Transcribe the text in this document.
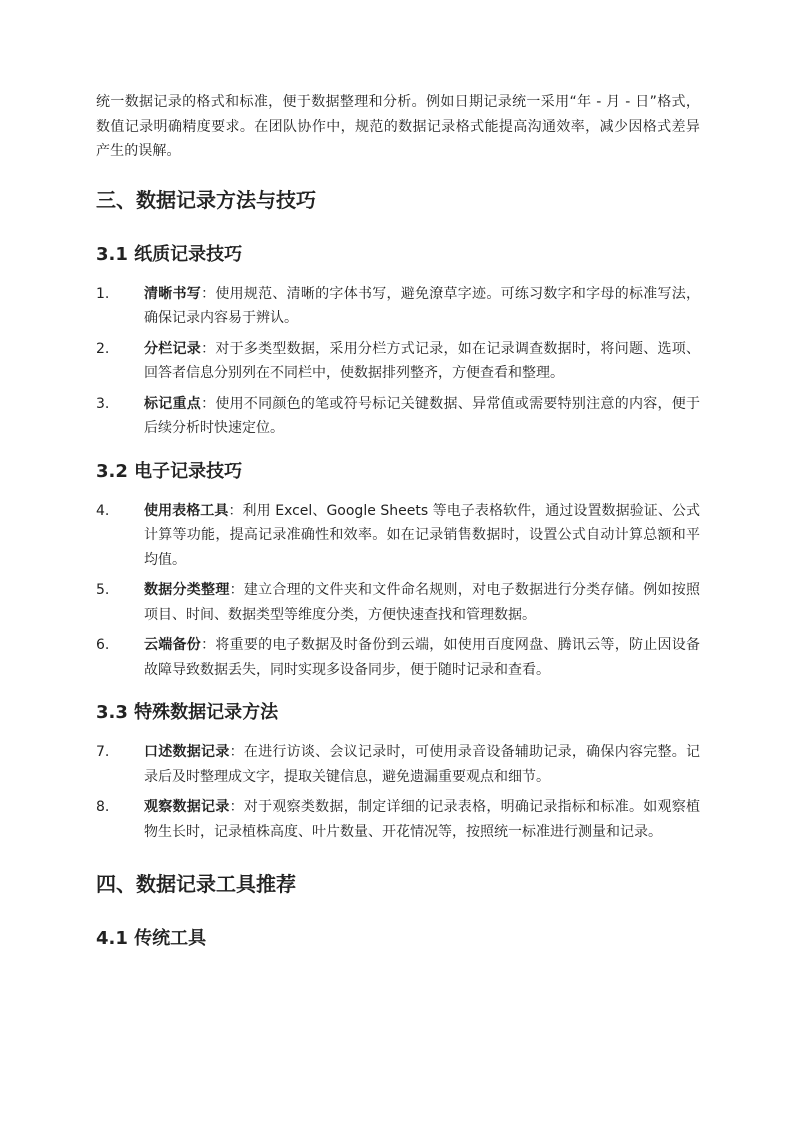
统一数据记录的格式和标准，便于数据整理和分析。例如日期记录统一采用“年 - 月 - 日”格式，数值记录明确精度要求。在团队协作中，规范的数据记录格式能提高沟通效率，减少因格式差异产生的误解。

三、数据记录方法与技巧
3.1 纸质记录技巧
1.	清晰书写：使用规范、清晰的字体书写，避免潦草字迹。可练习数字和字母的标准写法，确保记录内容易于辨认。
2.	分栏记录：对于多类型数据，采用分栏方式记录，如在记录调查数据时，将问题、选项、回答者信息分别列在不同栏中，使数据排列整齐，方便查看和整理。
3.	标记重点：使用不同颜色的笔或符号标记关键数据、异常值或需要特别注意的内容，便于后续分析时快速定位。
3.2 电子记录技巧
4.	使用表格工具：利用 Excel、Google Sheets 等电子表格软件，通过设置数据验证、公式计算等功能，提高记录准确性和效率。如在记录销售数据时，设置公式自动计算总额和平均值。
5.	数据分类整理：建立合理的文件夹和文件命名规则，对电子数据进行分类存储。例如按照项目、时间、数据类型等维度分类，方便快速查找和管理数据。
6.	云端备份：将重要的电子数据及时备份到云端，如使用百度网盘、腾讯云等，防止因设备故障导致数据丢失，同时实现多设备同步，便于随时记录和查看。
3.3 特殊数据记录方法
7.	口述数据记录：在进行访谈、会议记录时，可使用录音设备辅助记录，确保内容完整。记录后及时整理成文字，提取关键信息，避免遗漏重要观点和细节。
8.	观察数据记录：对于观察类数据，制定详细的记录表格，明确记录指标和标准。如观察植物生长时，记录植株高度、叶片数量、开花情况等，按照统一标准进行测量和记录。
四、数据记录工具推荐
4.1 传统工具
